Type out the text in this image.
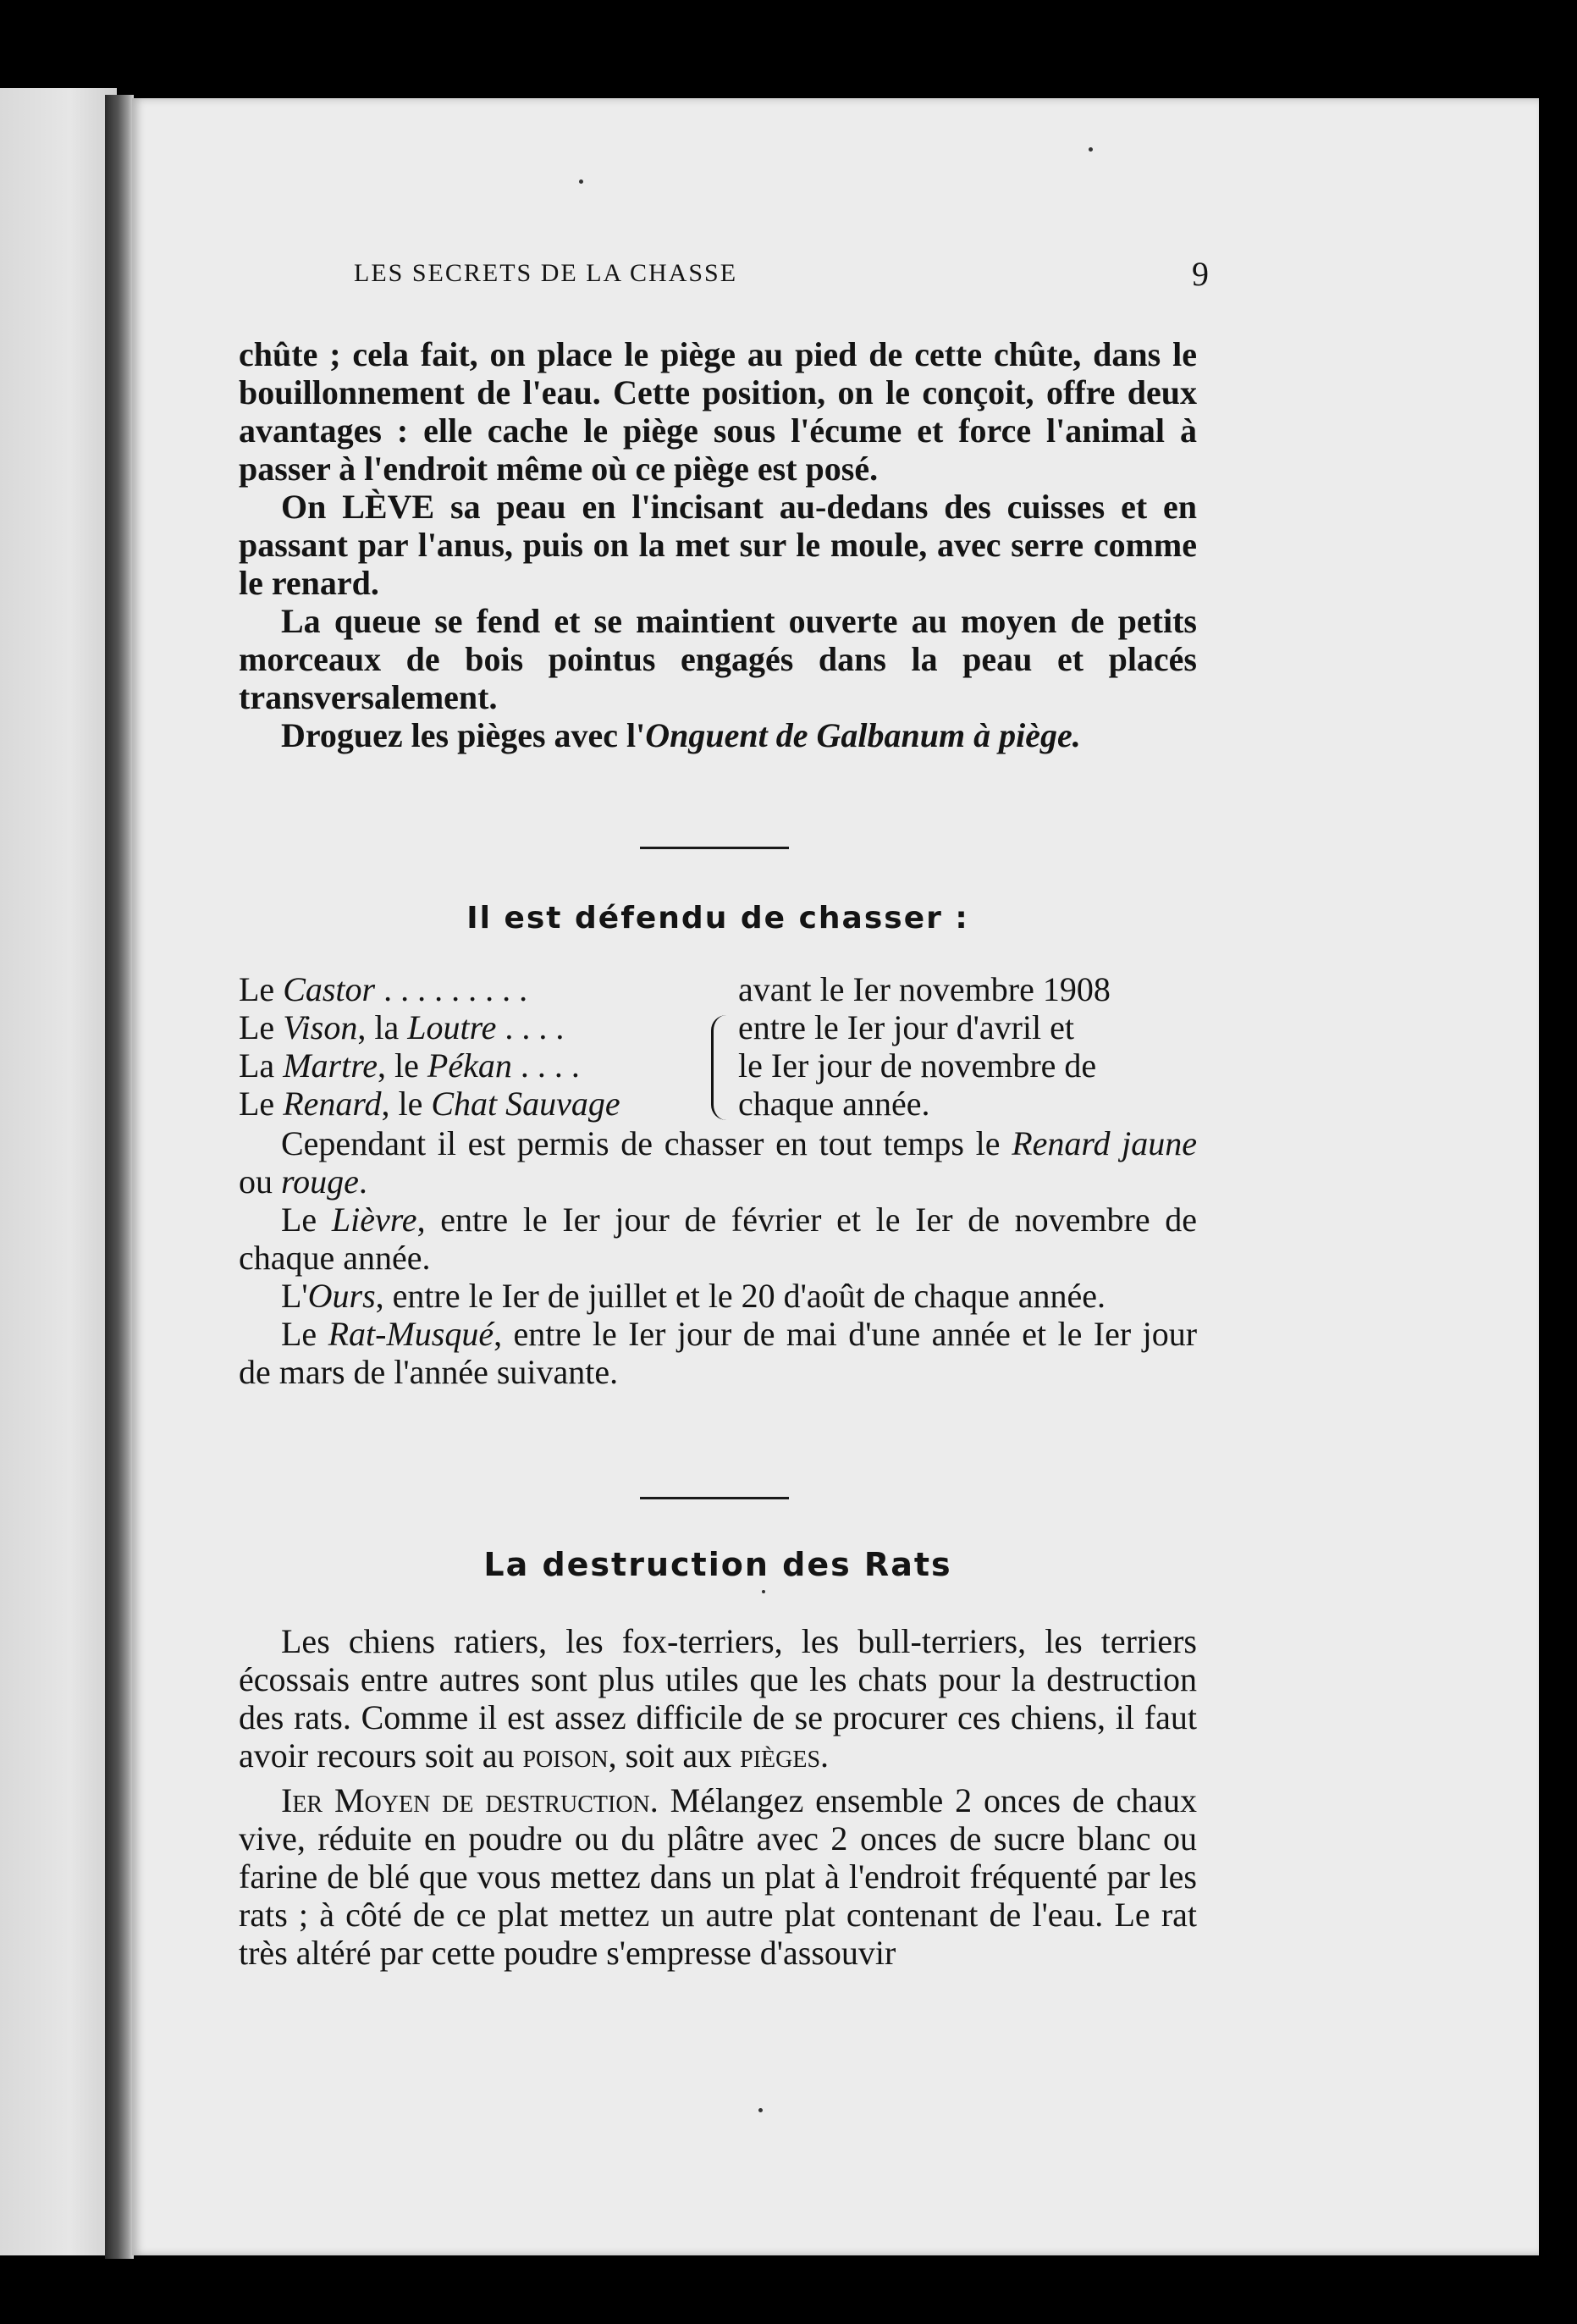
LES SECRETS DE LA CHASSE	9

chûte ; cela fait, on place le piège au pied de cette chûte, dans le bouillonnement de l'eau. Cette position, on le conçoit, offre deux avantages : elle cache le piège sous l'écume et force l'animal à passer à l'endroit même où ce piège est posé.

On LÈVE sa peau en l'incisant au-dedans des cuisses et en passant par l'anus, puis on la met sur le moule, avec serre comme le renard.

La queue se fend et se maintient ouverte au moyen de petits morceaux de bois pointus engagés dans la peau et placés transversalement.

Droguez les pièges avec l'Onguent de Galbanum à piège.

Il est défendu de chasser :
Le Castor . . . . . . . . .	avant le Ier novembre 1908
Le Vison, la Loutre . . . .	entre le Ier jour d'avril et
La Martre, le Pékan . . . .	le Ier jour de novembre de
Le Renard, le Chat Sauvage	chaque année.

Cependant il est permis de chasser en tout temps le Renard jaune ou rouge.

Le Lièvre, entre le Ier jour de février et le Ier de novembre de chaque année.

L'Ours, entre le Ier de juillet et le 20 d'août de chaque année.

Le Rat-Musqué, entre le Ier jour de mai d'une année et le Ier jour de mars de l'année suivante.

La destruction des Rats

Les chiens ratiers, les fox-terriers, les bull-terriers, les terriers écossais entre autres sont plus utiles que les chats pour la destruction des rats. Comme il est assez difficile de se procurer ces chiens, il faut avoir recours soit au poison, soit aux pièges.

Ier Moyen de destruction. Mélangez ensemble 2 onces de chaux vive, réduite en poudre ou du plâtre avec 2 onces de sucre blanc ou farine de blé que vous mettez dans un plat à l'endroit fréquenté par les rats ; à côté de ce plat mettez un autre plat contenant de l'eau. Le rat très altéré par cette poudre s'empresse d'assouvir
